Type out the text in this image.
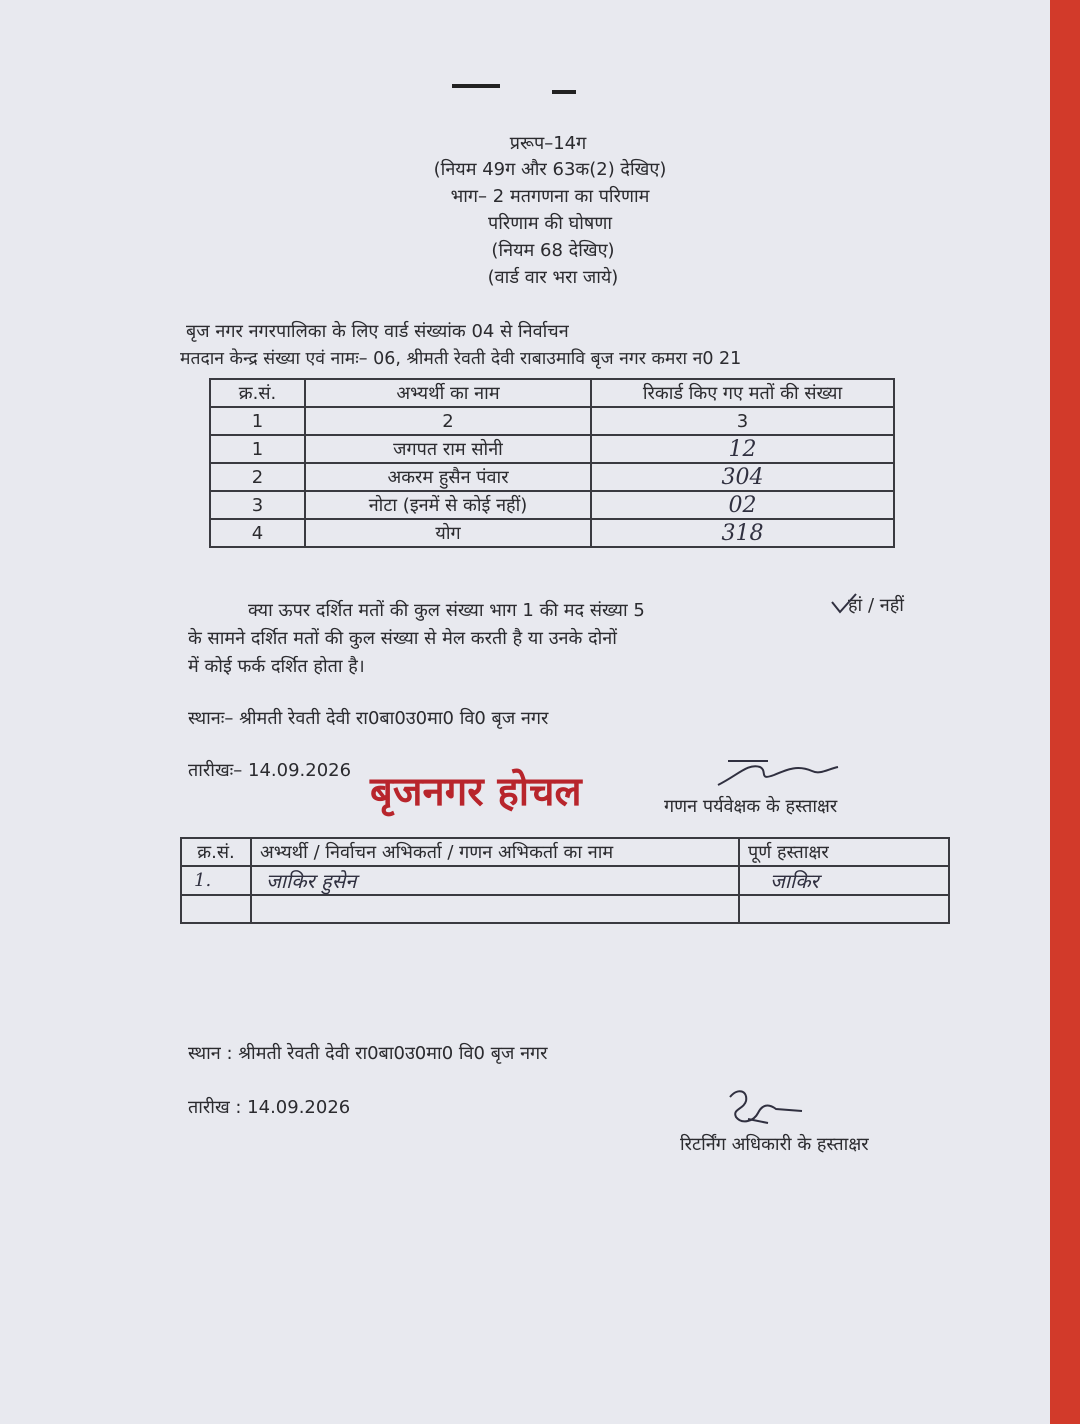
प्ररूप–14ग
(नियम 49ग और 63क(2) देखिए)
भाग– 2 मतगणना का परिणाम
परिणाम की घोषणा
(नियम 68 देखिए)
(वार्ड वार भरा जाये)
बृज नगर नगरपालिका के लिए वार्ड संख्यांक 04 से निर्वाचन
मतदान केन्द्र संख्या एवं नामः– 06, श्रीमती रेवती देवी राबाउमावि बृज नगर कमरा न0 21
क्र.सं.	अभ्यर्थी का नाम	रिकार्ड किए गए मतों की संख्या
1	2	3
1	जगपत राम सोनी	12
2	अकरम हुसैन पंवार	304
3	नोटा (इनमें से कोई नहीं)	02
4	योग	318
क्या ऊपर दर्शित मतों की कुल संख्या भाग 1 की मद संख्या 5
के सामने दर्शित मतों की कुल संख्या से मेल करती है या उनके दोनों
में कोई फर्क दर्शित होता है।
हां / नहीं
स्थानः– श्रीमती रेवती देवी रा0बा0उ0मा0 वि0 बृज नगर
तारीखः– 14.09.2026 बृजनगर होचल	गणन पर्यवेक्षक के हस्ताक्षर
क्र.सं.	अभ्यर्थी / निर्वाचन अभिकर्ता / गणन अभिकर्ता का नाम	पूर्ण हस्ताक्षर
1.	जाकिर हुसेन	जाकिर

स्थान : श्रीमती रेवती देवी रा0बा0उ0मा0 वि0 बृज नगर
तारीख : 14.09.2026
रिटर्निंग अधिकारी के हस्ताक्षर
